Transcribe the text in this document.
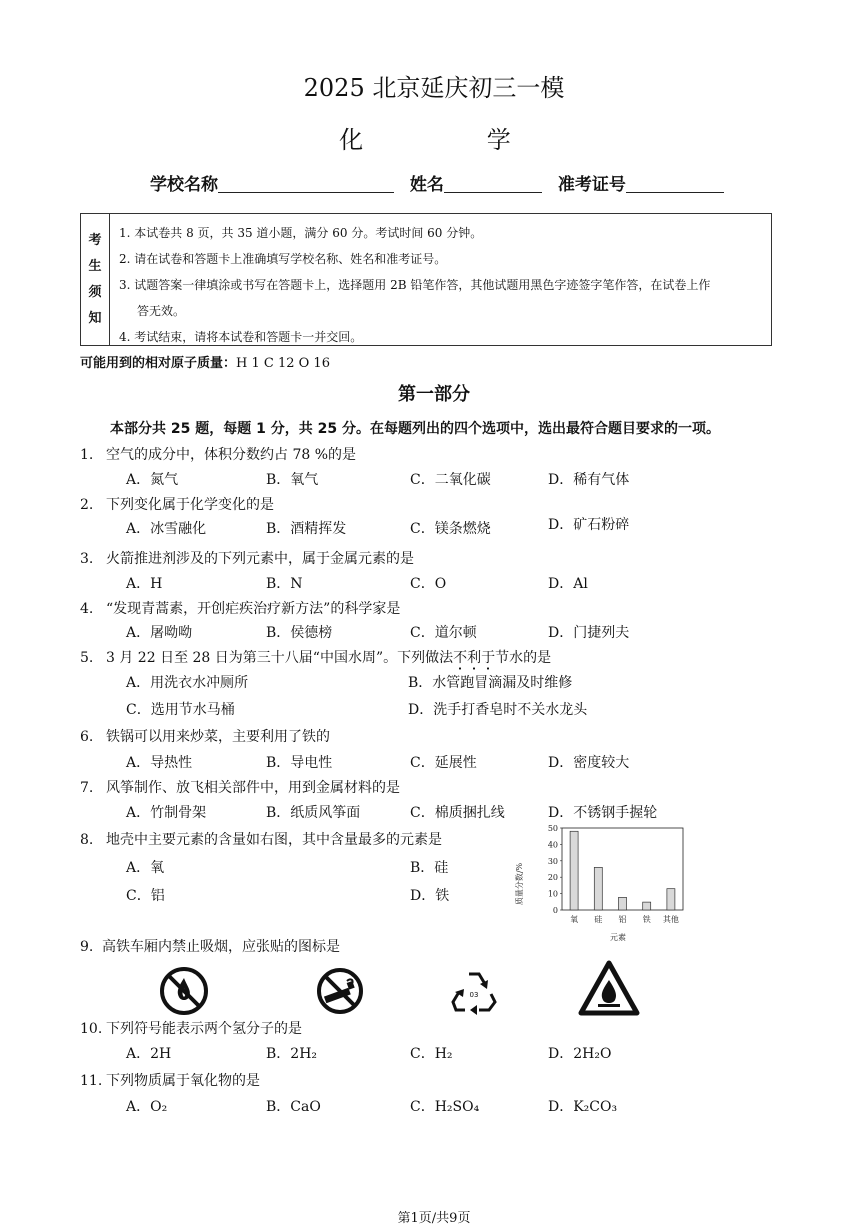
2025 北京延庆初三一模
化 学
学校名称	姓名	准考证号
考
生
须
知
1. 本试卷共 8 页，共 35 道小题，满分 60 分。考试时间 60 分钟。
2. 请在试卷和答题卡上准确填写学校名称、姓名和准考证号。
3. 试题答案一律填涂或书写在答题卡上，选择题用 2B 铅笔作答，其他试题用黑色字迹签字笔作答，在试卷上作
答无效。
4. 考试结束，请将本试卷和答题卡一并交回。
可能用到的相对原子质量：H 1 C 12 O 16
第一部分
本部分共 25 题，每题 1 分，共 25 分。在每题列出的四个选项中，选出最符合题目要求的一项。
1. 空气的成分中，体积分数约占 78 %的是
A．氮气	B．氧气	C．二氧化碳	D．稀有气体
2. 下列变化属于化学变化的是
A．冰雪融化	B．酒精挥发	C．镁条燃烧	D．矿石粉碎
3. 火箭推进剂涉及的下列元素中，属于金属元素的是
A．H	B．N	C．O	D．Al
4. “发现青蒿素，开创疟疾治疗新方法”的科学家是
A．屠呦呦	B．侯德榜	C．道尔顿	D．门捷列夫
5. 3 月 22 日至 28 日为第三十八届“中国水周”。下列做法不利于节水的是
A．用洗衣水冲厕所	B．水管跑冒滴漏及时维修
C．选用节水马桶	D．洗手打香皂时不关水龙头
6. 铁锅可以用来炒菜，主要利用了铁的
A．导热性	B．导电性	C．延展性	D．密度较大
7. 风筝制作、放飞相关部件中，用到金属材料的是
A．竹制骨架	B．纸质风筝面	C．棉质捆扎线	D．不锈钢手握轮
8. 地壳中主要元素的含量如右图，其中含量最多的元素是
A．氧	B．硅
C．铝	D．铁
50
40
30
20
10
0
氧 硅 铝 铁 其他
质量分数/%
元素
9. 高铁车厢内禁止吸烟，应张贴的图标是
03
10. 下列符号能表示两个氢分子的是
A．2H	B．2H₂	C．H₂	D．2H₂O
11. 下列物质属于氧化物的是
A．O₂	B．CaO	C．H₂SO₄	D．K₂CO₃
第1页/共9页
